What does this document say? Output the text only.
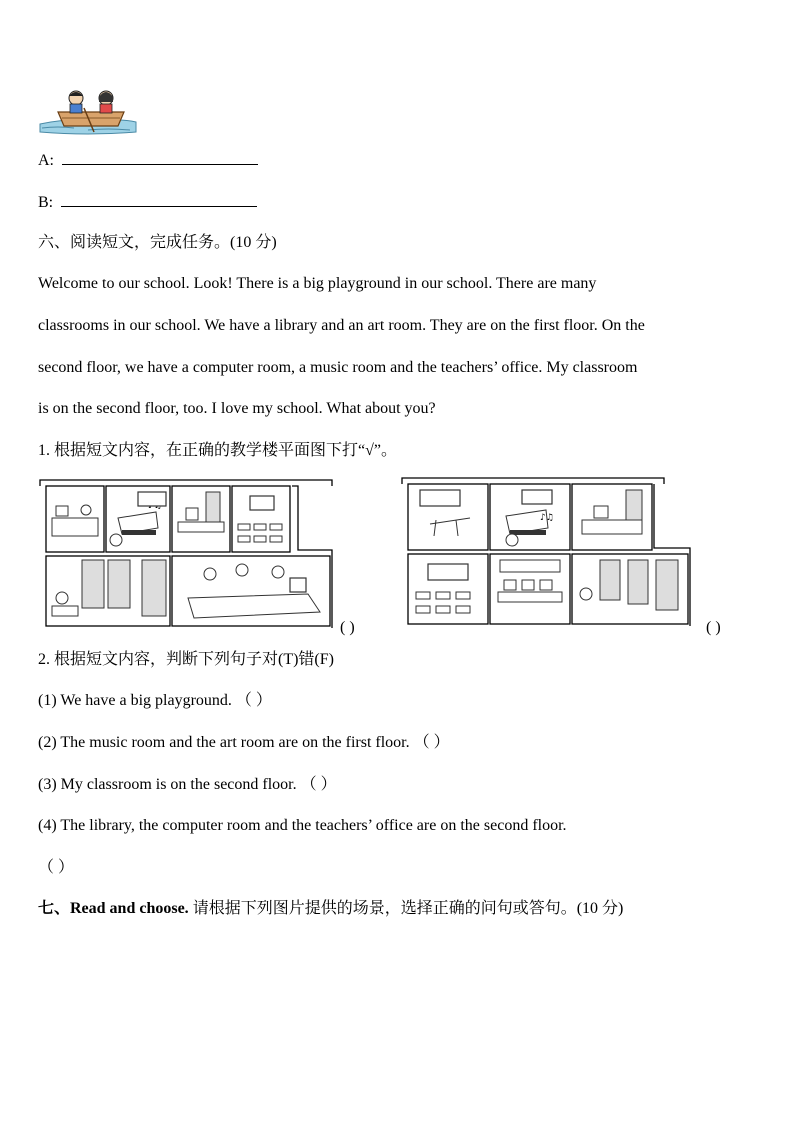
A:
B:
六、阅读短文，完成任务。(10 分)
Welcome to our school. Look! There is a big playground in our school. There are many
classrooms in our school. We have a library and an art room. They are on the first floor. On the
second floor, we have a computer room, a music room and the teachers’ office. My classroom
is on the second floor, too. I love my school. What about you?
1. 根据短文内容，在正确的教学楼平面图下打“√”。
( )
♪♫
( )
2. 根据短文内容，判断下列句子对(T)错(F)
(1) We have a big playground. （ ）
(2) The music room and the art room are on the first floor. （ ）
(3) My classroom is on the second floor. （ ）
(4) The library, the computer room and the teachers’ office are on the second floor.
（ ）
七、Read and choose. 请根据下列图片提供的场景，选择正确的问句或答句。(10 分)
